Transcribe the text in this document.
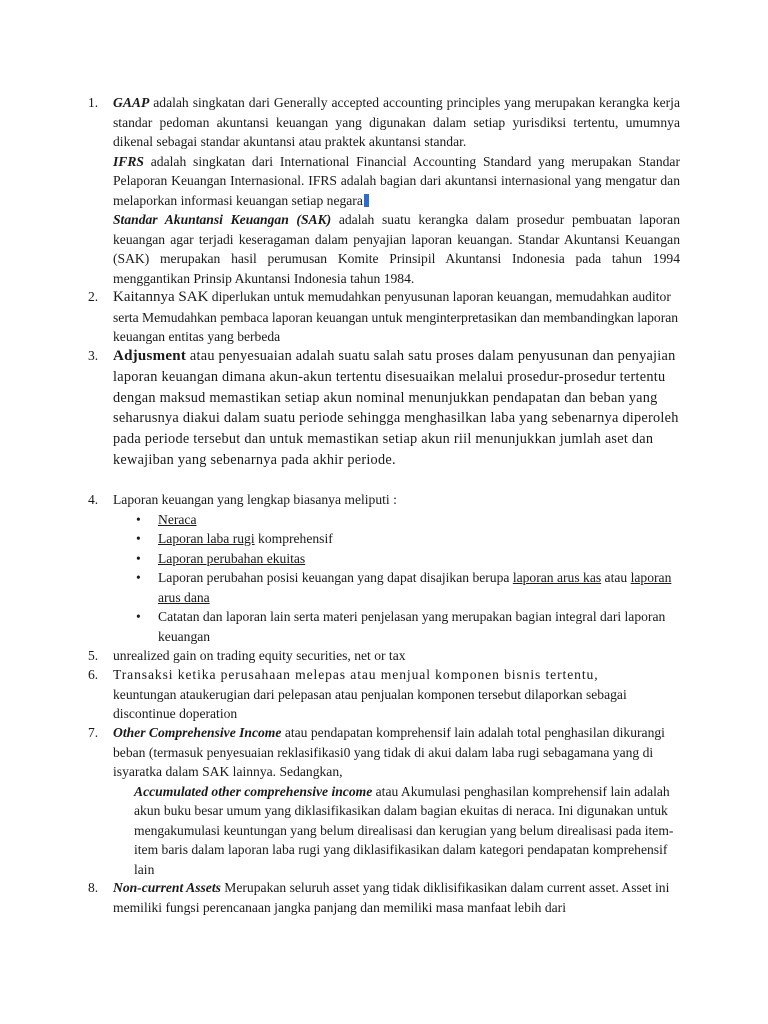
1.	GAAP adalah singkatan dari Generally accepted accounting principles yang merupakan kerangka kerja standar pedoman akuntansi keuangan yang digunakan dalam setiap yurisdiksi tertentu, umumnya dikenal sebagai standar akuntansi atau praktek akuntansi standar.

IFRS adalah singkatan dari International Financial Accounting Standard yang merupakan Standar Pelaporan Keuangan Internasional. IFRS adalah bagian dari akuntansi internasional yang mengatur dan melaporkan informasi keuangan setiap negara

Standar Akuntansi Keuangan (SAK) adalah suatu kerangka dalam prosedur pembuatan laporan keuangan agar terjadi keseragaman dalam penyajian laporan keuangan. Standar Akuntansi Keuangan (SAK) merupakan hasil perumusan Komite Prinsipil Akuntansi Indonesia pada tahun 1994 menggantikan Prinsip Akuntansi Indonesia tahun 1984.

2. Kaitannya SAK diperlukan untuk memudahkan penyusunan laporan keuangan, memudahkan auditor serta Memudahkan pembaca laporan keuangan untuk menginterpretasikan dan membandingkan laporan keuangan entitas yang berbeda
3. Adjusment atau penyesuaian adalah suatu salah satu proses dalam penyusunan dan penyajian laporan keuangan dimana akun-akun tertentu disesuaikan melalui prosedur-prosedur tertentu dengan maksud memastikan setiap akun nominal menunjukkan pendapatan dan beban yang seharusnya diakui dalam suatu periode sehingga menghasilkan laba yang sebenarnya diperoleh pada periode tersebut dan untuk memastikan setiap akun riil menunjukkan jumlah aset dan kewajiban yang sebenarnya pada akhir periode.
4.	Laporan keuangan yang lengkap biasanya meliputi :
• Neraca
• Laporan laba rugi komprehensif
• Laporan perubahan ekuitas
• Laporan perubahan posisi keuangan yang dapat disajikan berupa laporan arus kas atau laporan arus dana
• Catatan dan laporan lain serta materi penjelasan yang merupakan bagian integral dari laporan keuangan
5.	unrealized gain on trading equity securities, net or tax
6.	Transaksi ketika perusahaan melepas atau menjual komponen bisnis tertentu,
keuntungan ataukerugian dari pelepasan atau penjualan komponen tersebut dilaporkan sebagai discontinue doperation
7.	Other Comprehensive Income atau pendapatan komprehensif lain adalah total penghasilan dikurangi beban (termasuk penyesuaian reklasifikasi0 yang tidak di akui dalam laba rugi sebagamana yang di isyaratka dalam SAK lainnya. Sedangkan,
Accumulated other comprehensive income atau Akumulasi penghasilan komprehensif lain adalah akun buku besar umum yang diklasifikasikan dalam bagian ekuitas di neraca. Ini digunakan untuk mengakumulasi keuntungan yang belum direalisasi dan kerugian yang belum direalisasi pada item-item baris dalam laporan laba rugi yang diklasifikasikan dalam kategori pendapatan komprehensif lain
8.	Non-current Assets Merupakan seluruh asset yang tidak diklisifikasikan dalam current asset. Asset ini memiliki fungsi perencanaan jangka panjang dan memiliki masa manfaat lebih dari
